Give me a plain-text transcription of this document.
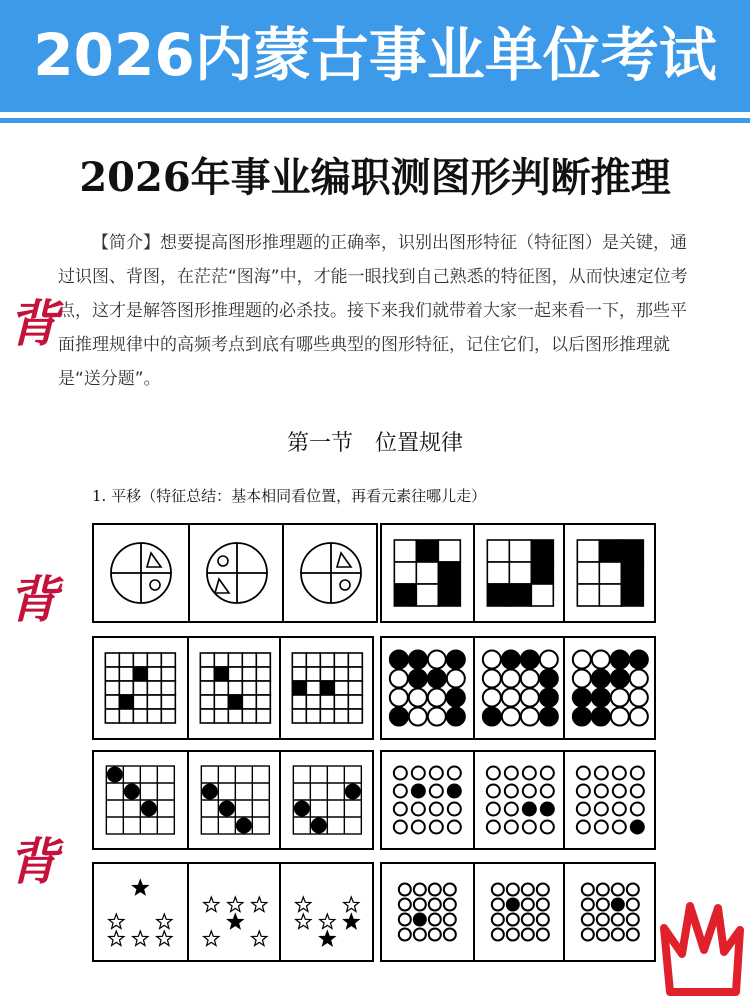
2026内蒙古事业单位考试
2026年事业编职测图形判断推理
【简介】想要提高图形推理题的正确率，识别出图形特征（特征图）是关键，通过识图、背图，在茫茫“图海”中，才能一眼找到自己熟悉的特征图，从而快速定位考点，这才是解答图形推理题的必杀技。接下来我们就带着大家一起来看一下，那些平面推理规律中的高频考点到底有哪些典型的图形特征，记住它们，以后图形推理就是“送分题”。
背
背
背
第一节　位置规律
1. 平移（特征总结：基本相同看位置，再看元素往哪儿走）
